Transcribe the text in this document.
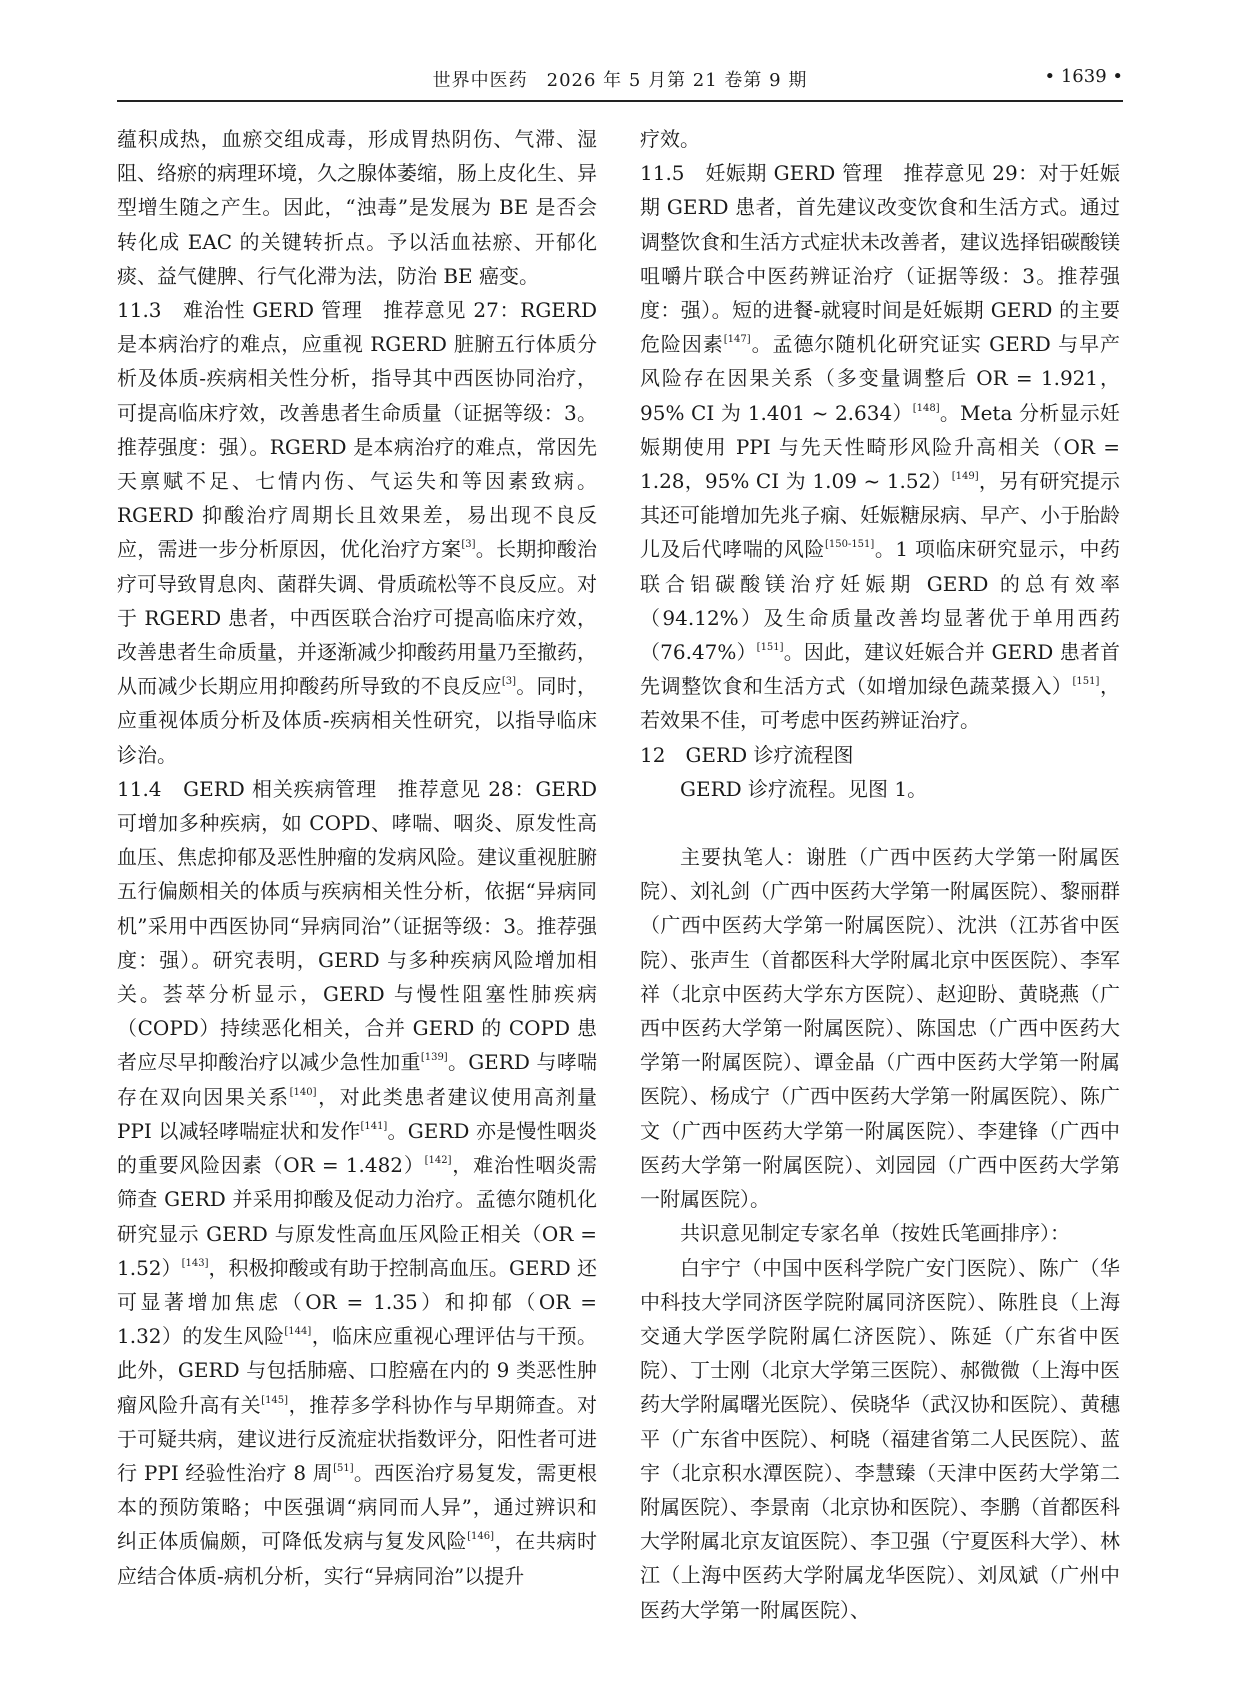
世界中医药　2026 年 5 月第 21 卷第 9 期	• 1639 •

蕴积成热，血瘀交组成毒，形成胃热阴伤、气滞、湿阻、络瘀的病理环境，久之腺体萎缩，肠上皮化生、异型增生随之产生。因此，“浊毒”是发展为 BE 是否会转化成 EAC 的关键转折点。予以活血祛瘀、开郁化痰、益气健脾、行气化滞为法，防治 BE 癌变。

11.3　难治性 GERD 管理　推荐意见 27：RGERD 是本病治疗的难点，应重视 RGERD 脏腑五行体质分析及体质-疾病相关性分析，指导其中西医协同治疗，可提高临床疗效，改善患者生命质量（证据等级：3。推荐强度：强）。RGERD 是本病治疗的难点，常因先天禀赋不足、七情内伤、气运失和等因素致病。RGERD 抑酸治疗周期长且效果差，易出现不良反应，需进一步分析原因，优化治疗方案[3]。长期抑酸治疗可导致胃息肉、菌群失调、骨质疏松等不良反应。对于 RGERD 患者，中西医联合治疗可提高临床疗效，改善患者生命质量，并逐渐减少抑酸药用量乃至撤药，从而减少长期应用抑酸药所导致的不良反应[3]。同时，应重视体质分析及体质-疾病相关性研究，以指导临床诊治。

11.4　GERD 相关疾病管理　推荐意见 28：GERD 可增加多种疾病，如 COPD、哮喘、咽炎、原发性高血压、焦虑抑郁及恶性肿瘤的发病风险。建议重视脏腑五行偏颇相关的体质与疾病相关性分析，依据“异病同机”采用中西医协同“异病同治”（证据等级：3。推荐强度：强）。研究表明，GERD 与多种疾病风险增加相关。荟萃分析显示，GERD 与慢性阻塞性肺疾病（COPD）持续恶化相关，合并 GERD 的 COPD 患者应尽早抑酸治疗以减少急性加重[139]。GERD 与哮喘存在双向因果关系[140]，对此类患者建议使用高剂量 PPI 以减轻哮喘症状和发作[141]。GERD 亦是慢性咽炎的重要风险因素（OR = 1.482）[142]，难治性咽炎需筛查 GERD 并采用抑酸及促动力治疗。孟德尔随机化研究显示 GERD 与原发性高血压风险正相关（OR = 1.52）[143]，积极抑酸或有助于控制高血压。GERD 还可显著增加焦虑（OR = 1.35）和抑郁（OR = 1.32）的发生风险[144]，临床应重视心理评估与干预。此外，GERD 与包括肺癌、口腔癌在内的 9 类恶性肿瘤风险升高有关[145]，推荐多学科协作与早期筛查。对于可疑共病，建议进行反流症状指数评分，阳性者可进行 PPI 经验性治疗 8 周[51]。西医治疗易复发，需更根本的预防策略；中医强调“病同而人异”，通过辨识和纠正体质偏颇，可降低发病与复发风险[146]，在共病时应结合体质-病机分析，实行“异病同治”以提升

疗效。

11.5　妊娠期 GERD 管理　推荐意见 29：对于妊娠期 GERD 患者，首先建议改变饮食和生活方式。通过调整饮食和生活方式症状未改善者，建议选择铝碳酸镁咀嚼片联合中医药辨证治疗（证据等级：3。推荐强度：强）。短的进餐-就寝时间是妊娠期 GERD 的主要危险因素[147]。孟德尔随机化研究证实 GERD 与早产风险存在因果关系（多变量调整后 OR = 1.921，95% CI 为 1.401 ~ 2.634）[148]。Meta 分析显示妊娠期使用 PPI 与先天性畸形风险升高相关（OR = 1.28，95% CI 为 1.09 ~ 1.52）[149]，另有研究提示其还可能增加先兆子痫、妊娠糖尿病、早产、小于胎龄儿及后代哮喘的风险[150-151]。1 项临床研究显示，中药联合铝碳酸镁治疗妊娠期 GERD 的总有效率（94.12%）及生命质量改善均显著优于单用西药（76.47%）[151]。因此，建议妊娠合并 GERD 患者首先调整饮食和生活方式（如增加绿色蔬菜摄入）[151]，若效果不佳，可考虑中医药辨证治疗。

12　GERD 诊疗流程图

GERD 诊疗流程。见图 1。

主要执笔人：谢胜（广西中医药大学第一附属医院）、刘礼剑（广西中医药大学第一附属医院）、黎丽群（广西中医药大学第一附属医院）、沈洪（江苏省中医院）、张声生（首都医科大学附属北京中医医院）、李军祥（北京中医药大学东方医院）、赵迎盼、黄晓燕（广西中医药大学第一附属医院）、陈国忠（广西中医药大学第一附属医院）、谭金晶（广西中医药大学第一附属医院）、杨成宁（广西中医药大学第一附属医院）、陈广文（广西中医药大学第一附属医院）、李建锋（广西中医药大学第一附属医院）、刘园园（广西中医药大学第一附属医院）。

共识意见制定专家名单（按姓氏笔画排序）：

白宇宁（中国中医科学院广安门医院）、陈广（华中科技大学同济医学院附属同济医院）、陈胜良（上海交通大学医学院附属仁济医院）、陈延（广东省中医院）、丁士刚（北京大学第三医院）、郝微微（上海中医药大学附属曙光医院）、侯晓华（武汉协和医院）、黄穗平（广东省中医院）、柯晓（福建省第二人民医院）、蓝宇（北京积水潭医院）、李慧臻（天津中医药大学第二附属医院）、李景南（北京协和医院）、李鹏（首都医科大学附属北京友谊医院）、李卫强（宁夏医科大学）、林江（上海中医药大学附属龙华医院）、刘凤斌（广州中医药大学第一附属医院）、
